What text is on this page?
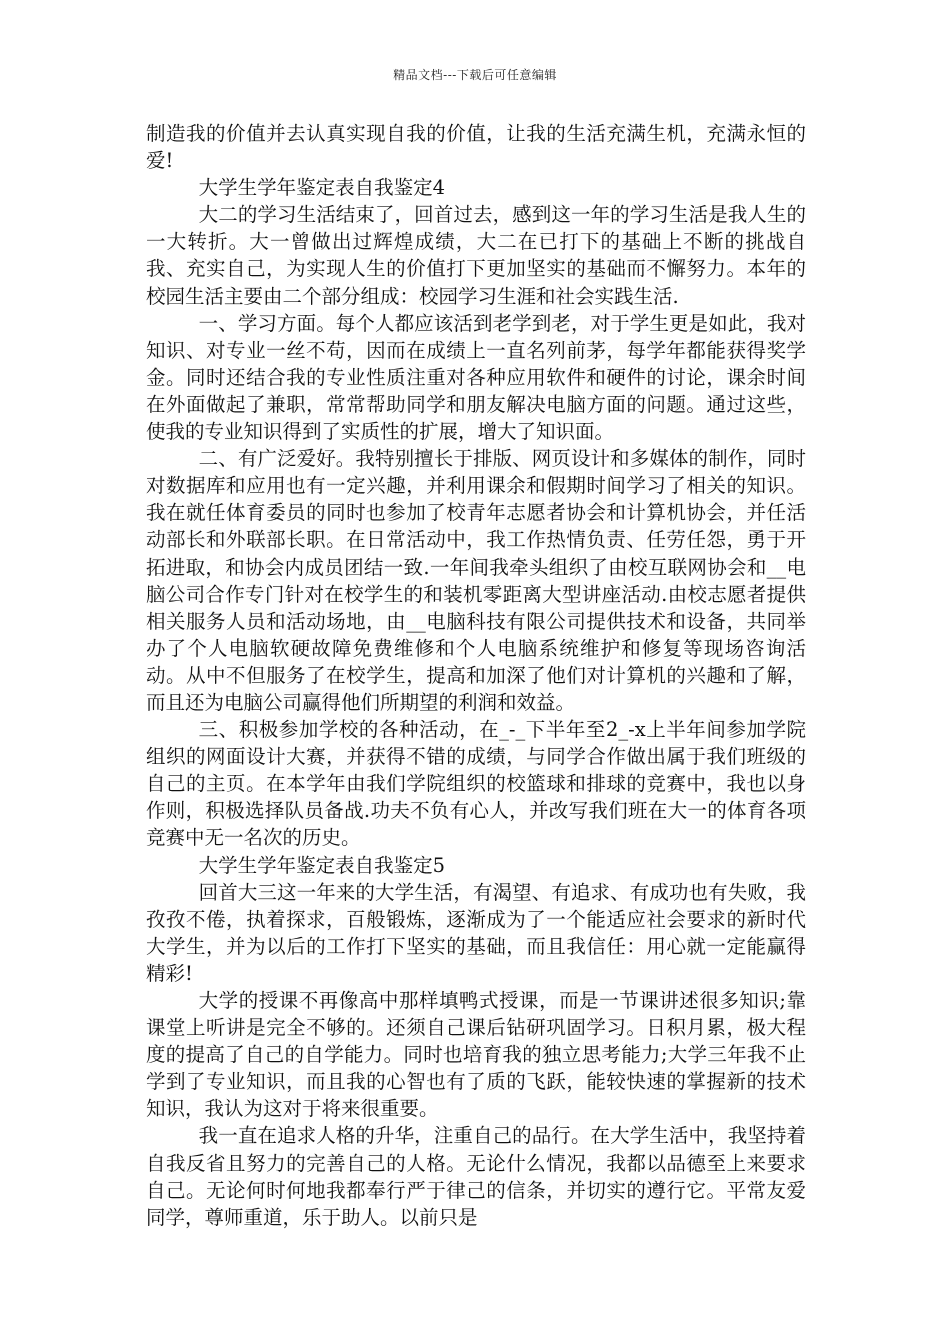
精品文档---下载后可任意编辑

制造我的价值并去认真实现自我的价值，让我的生活充满生机，充满永恒的爱!

大学生学年鉴定表自我鉴定4

大二的学习生活结束了，回首过去，感到这一年的学习生活是我人生的一大转折。大一曾做出过辉煌成绩，大二在已打下的基础上不断的挑战自我、充实自己，为实现人生的价值打下更加坚实的基础而不懈努力。本年的校园生活主要由二个部分组成：校园学习生涯和社会实践生活.

一、学习方面。每个人都应该活到老学到老，对于学生更是如此，我对知识、对专业一丝不苟，因而在成绩上一直名列前茅，每学年都能获得奖学金。同时还结合我的专业性质注重对各种应用软件和硬件的讨论，课余时间在外面做起了兼职，常常帮助同学和朋友解决电脑方面的问题。通过这些，使我的专业知识得到了实质性的扩展，增大了知识面。

二、有广泛爱好。我特别擅长于排版、网页设计和多媒体的制作，同时对数据库和应用也有一定兴趣，并利用课余和假期时间学习了相关的知识。我在就任体育委员的同时也参加了校青年志愿者协会和计算机协会，并任活动部长和外联部长职。在日常活动中，我工作热情负责、任劳任怨，勇于开拓进取，和协会内成员团结一致.一年间我牵头组织了由校互联网协会和__电脑公司合作专门针对在校学生的和装机零距离大型讲座活动.由校志愿者提供相关服务人员和活动场地，由__电脑科技有限公司提供技术和设备，共同举办了个人电脑软硬故障免费维修和个人电脑系统维护和修复等现场咨询活动。从中不但服务了在校学生，提高和加深了他们对计算机的兴趣和了解，而且还为电脑公司赢得他们所期望的利润和效益。

三、积极参加学校的各种活动，在_-_下半年至2_-x上半年间参加学院组织的网面设计大赛，并获得不错的成绩，与同学合作做出属于我们班级的自己的主页。在本学年由我们学院组织的校篮球和排球的竞赛中，我也以身作则，积极选择队员备战.功夫不负有心人，并改写我们班在大一的体育各项竞赛中无一名次的历史。

大学生学年鉴定表自我鉴定5

回首大三这一年来的大学生活，有渴望、有追求、有成功也有失败，我孜孜不倦，执着探求，百般锻炼，逐渐成为了一个能适应社会要求的新时代大学生，并为以后的工作打下坚实的基础，而且我信任：用心就一定能赢得精彩!

大学的授课不再像高中那样填鸭式授课，而是一节课讲述很多知识;靠课堂上听讲是完全不够的。还须自己课后钻研巩固学习。日积月累，极大程度的提高了自己的自学能力。同时也培育我的独立思考能力;大学三年我不止学到了专业知识，而且我的心智也有了质的飞跃，能较快速的掌握新的技术知识，我认为这对于将来很重要。

我一直在追求人格的升华，注重自己的品行。在大学生活中，我坚持着自我反省且努力的完善自己的人格。无论什么情况，我都以品德至上来要求自己。无论何时何地我都奉行严于律己的信条，并切实的遵行它。平常友爱同学，尊师重道，乐于助人。以前只是
